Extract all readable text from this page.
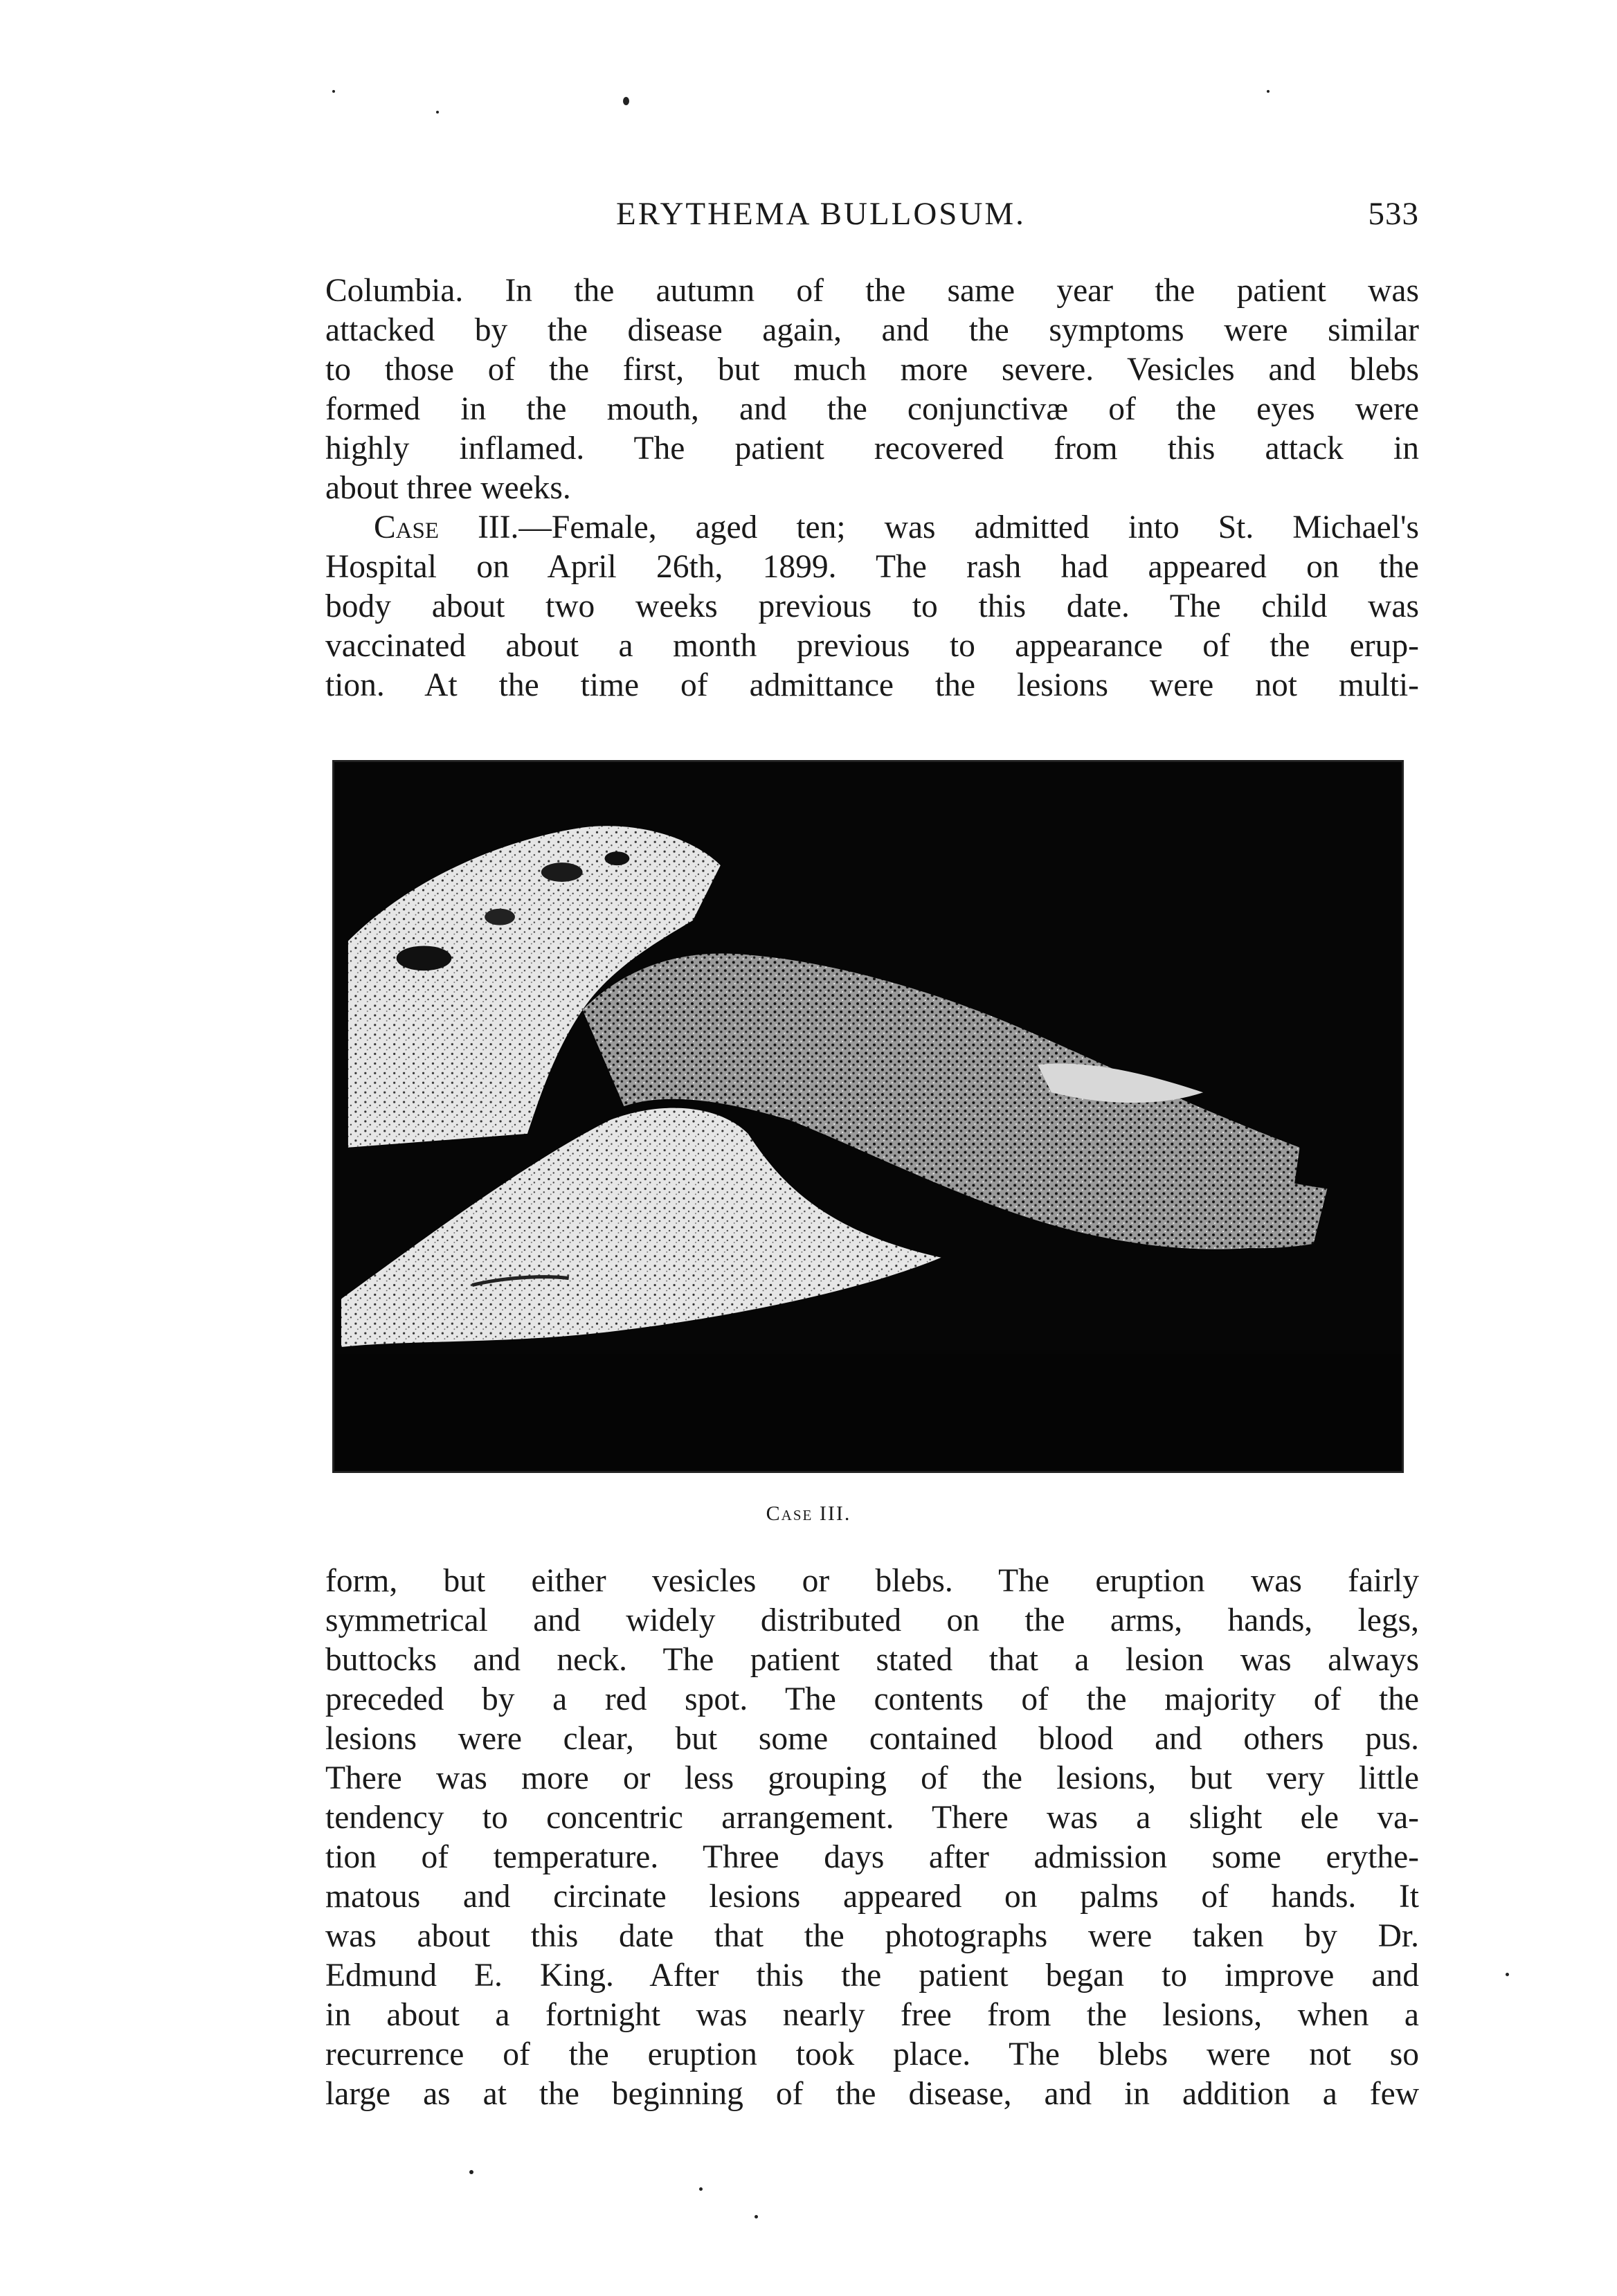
ERYTHEMA BULLOSUM.	533
Columbia. In the autumn of the same year the patient was
attacked by the disease again, and the symptoms were similar
to those of the first, but much more severe. Vesicles and blebs
formed in the mouth, and the conjunctivæ of the eyes were
highly inflamed. The patient recovered from this attack in
about three weeks.
Case III.—Female, aged ten; was admitted into St. Michael's
Hospital on April 26th, 1899. The rash had appeared on the
body about two weeks previous to this date. The child was
vaccinated about a month previous to appearance of the erup-
tion. At the time of admittance the lesions were not multi-
Case III.
form, but either vesicles or blebs. The eruption was fairly
symmetrical and widely distributed on the arms, hands, legs,
buttocks and neck. The patient stated that a lesion was always
preceded by a red spot. The contents of the majority of the
lesions were clear, but some contained blood and others pus.
There was more or less grouping of the lesions, but very little
tendency to concentric arrangement. There was a slight ele va-
tion of temperature. Three days after admission some erythe-
matous and circinate lesions appeared on palms of hands. It
was about this date that the photographs were taken by Dr.
Edmund E. King. After this the patient began to improve and
in about a fortnight was nearly free from the lesions, when a
recurrence of the eruption took place. The blebs were not so
large as at the beginning of the disease, and in addition a few
